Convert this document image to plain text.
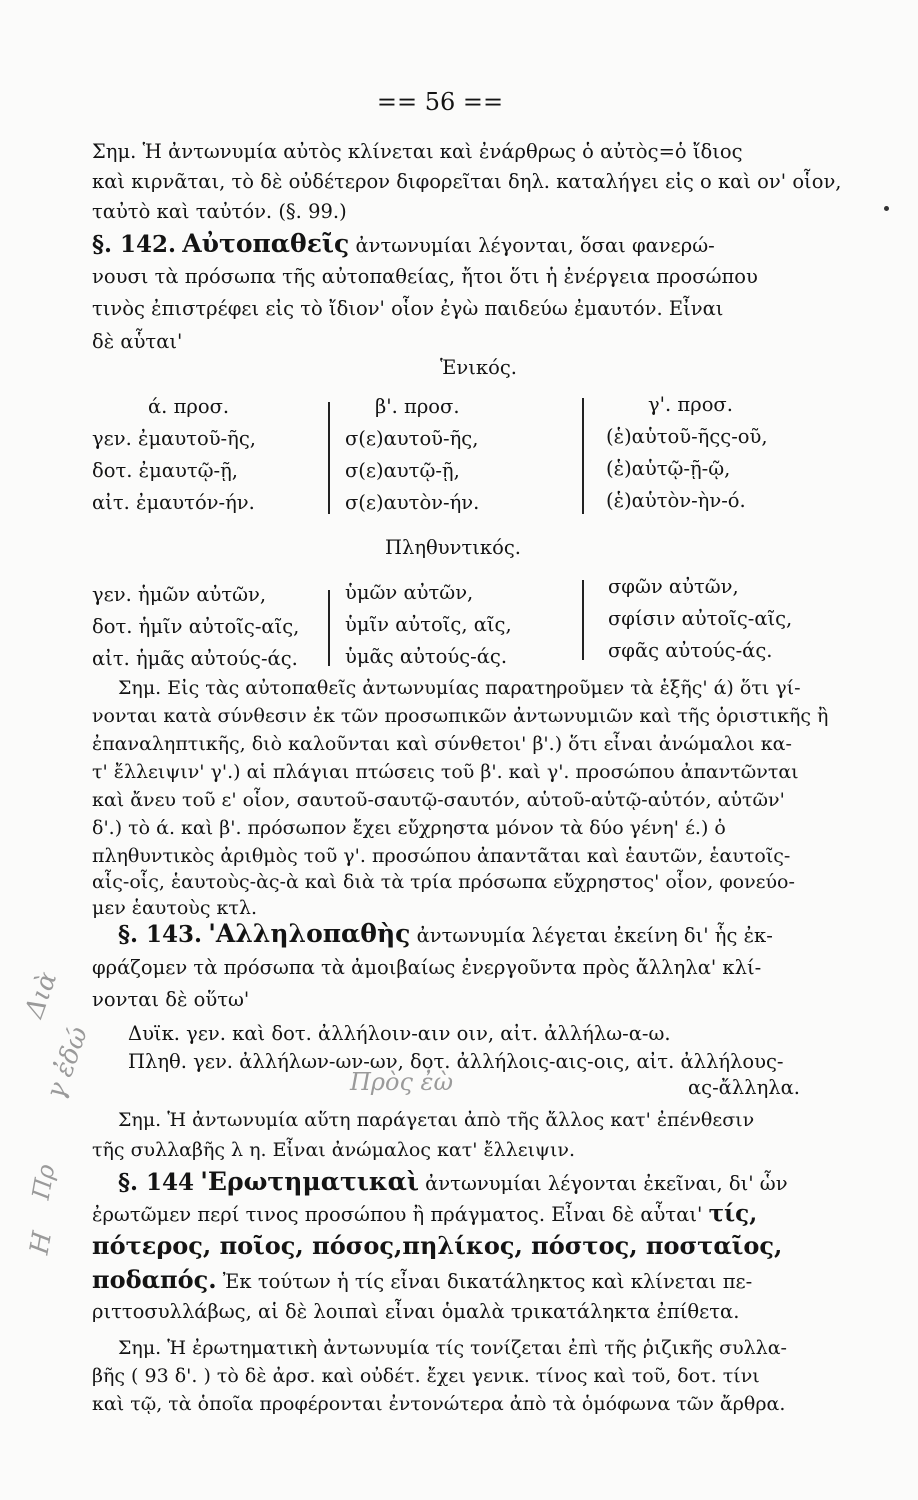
== 56 ==
Σημ. Ἡ ἀντωνυμία αὐτὸς κλίνεται καὶ ἐνάρθρως ὁ αὐτὸς=ὁ ἴδιος
καὶ κιρνᾶται, τὸ δὲ οὐδέτερον διφορεῖται δηλ. καταλήγει εἰς ο καὶ ον' οἷον,
ταὐτὸ καὶ ταὐτόν. (§. 99.)
§. 142. Αὐτοπαθεῖς ἀντωνυμίαι λέγονται, ὅσαι φανερώ-
νουσι τὰ πρόσωπα τῆς αὐτοπαθείας, ἤτοι ὅτι ἡ ἐνέργεια προσώπου
τινὸς ἐπιστρέφει εἰς τὸ ἴδιον' οἷον ἐγὼ παιδεύω ἐμαυτόν. Εἶναι
δὲ αὗται'
Ἑνικός.
ά. προσ.
γεν. ἐμαυτοῦ-ῆς,
δοτ. ἐμαυτῷ-ῇ,
αἰτ. ἐμαυτόν-ήν.
β'. προσ.
σ(ε)αυτοῦ-ῆς,
σ(ε)αυτῷ-ῇ,
σ(ε)αυτὸν-ήν.
γ'. προσ.
(ἑ)αὑτοῦ-ῆςς-οῦ,
(ἑ)αὑτῷ-ῇ-ῷ,
(ἑ)αὑτὸν-ὴν-ό.
Πληθυντικός.
γεν. ἡμῶν αὐτῶν,
δοτ. ἡμῖν αὐτοῖς-αῖς,
αἰτ. ἡμᾶς αὐτούς-άς.
ὑμῶν αὐτῶν,
ὑμῖν αὐτοῖς, αῖς,
ὑμᾶς αὐτούς-άς.
σφῶν αὐτῶν,
σφίσιν αὐτοῖς-αῖς,
σφᾶς αὐτούς-άς.
Σημ. Εἰς τὰς αὐτοπαθεῖς ἀντωνυμίας παρατηροῦμεν τὰ ἑξῆς' ά) ὅτι γί-
νονται κατὰ σύνθεσιν ἐκ τῶν προσωπικῶν ἀντωνυμιῶν καὶ τῆς ὁριστικῆς ἢ
ἐπαναληπτικῆς, διὸ καλοῦνται καὶ σύνθετοι' β'.) ὅτι εἶναι ἀνώμαλοι κα-
τ' ἔλλειψιν' γ'.) αἱ πλάγιαι πτώσεις τοῦ β'. καὶ γ'. προσώπου ἀπαντῶνται
καὶ ἄνευ τοῦ ε' οἷον, σαυτοῦ-σαυτῷ-σαυτόν, αὑτοῦ-αὑτῷ-αὑτόν, αὑτῶν'
δ'.) τὸ ά. καὶ β'. πρόσωπον ἔχει εὔχρηστα μόνον τὰ δύο γένη' έ.) ὁ
πληθυντικὸς ἀριθμὸς τοῦ γ'. προσώπου ἀπαντᾶται καὶ ἑαυτῶν, ἑαυτοῖς-
αἷς-οἷς, ἑαυτοὺς-ὰς-ὰ καὶ διὰ τὰ τρία πρόσωπα εὔχρηστος' οἷον, φονεύο-
μεν ἑαυτοὺς κτλ.
§. 143. 'Αλληλοπαθὴς ἀντωνυμία λέγεται ἐκείνη δι' ἧς ἐκ-
φράζομεν τὰ πρόσωπα τὰ ἀμοιβαίως ἐνεργοῦντα πρὸς ἄλληλα' κλί-
νονται δὲ οὕτω'
Δυϊκ. γεν. καὶ δοτ. ἀλλήλοιν-αιν οιν, αἰτ. ἀλλήλω-α-ω.
Πληθ. γεν. ἀλλήλων-ων-ων, δοτ. ἀλλήλοις-αις-οις, αἰτ. ἀλλήλους-
ας-ἄλληλα.
Σημ. Ἡ ἀντωνυμία αὕτη παράγεται ἀπὸ τῆς ἄλλος κατ' ἐπένθεσιν
τῆς συλλαβῆς λ η. Εἶναι ἀνώμαλος κατ' ἔλλειψιν.
§. 144 'Ερωτηματικαὶ ἀντωνυμίαι λέγονται ἐκεῖναι, δι' ὧν
ἐρωτῶμεν περί τινος προσώπου ἢ πράγματος. Εἶναι δὲ αὗται' τίς,
πότερος, ποῖος, πόσος,πηλίκος, πόστος, ποσταῖος,
ποδαπός. Ἐκ τούτων ἡ τίς εἶναι δικατάληκτος καὶ κλίνεται πε-
ριττοσυλλάβως, αἱ δὲ λοιπαὶ εἶναι ὁμαλὰ τρικατάληκτα ἐπίθετα.
Σημ. Ἡ ἐρωτηματικὴ ἀντωνυμία τίς τονίζεται ἐπὶ τῆς ῥιζικῆς συλλα-
βῆς ( 93 δ'. ) τὸ δὲ ἀρσ. καὶ οὐδέτ. ἔχει γενικ. τίνος καὶ τοῦ, δοτ. τίνι
καὶ τῷ, τὰ ὁποῖα προφέρονται ἐντονώτερα ἀπὸ τὰ ὁμόφωνα τῶν ἄρθρα.
Διὰ
γ ἐδώ	Πρὸς ἐὼ
Η
Πρ
